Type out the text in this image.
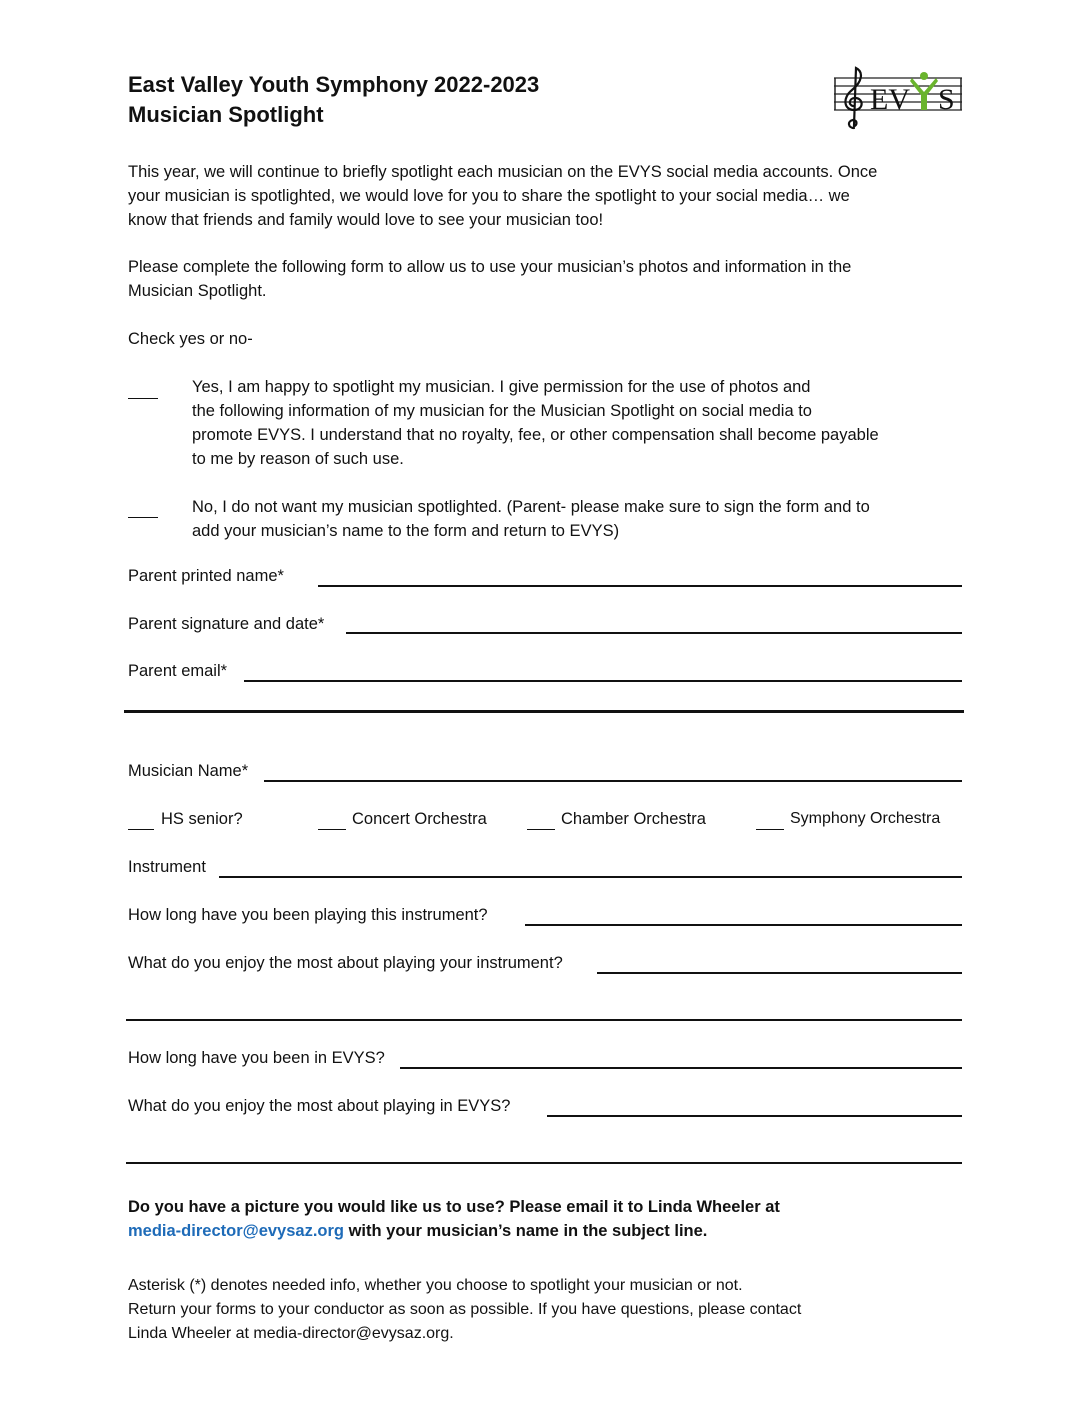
East Valley Youth Symphony 2022-2023
Musician Spotlight	EV S
This year, we will continue to briefly spotlight each musician on the EVYS social media accounts. Once
your musician is spotlighted, we would love for you to share the spotlight to your social media… we
know that friends and family would love to see your musician too!
Please complete the following form to allow us to use your musician’s photos and information in the
Musician Spotlight.
Check yes or no-
Yes, I am happy to spotlight my musician. I give permission for the use of photos and
the following information of my musician for the Musician Spotlight on social media to
promote EVYS. I understand that no royalty, fee, or other compensation shall become payable
to me by reason of such use.
No, I do not want my musician spotlighted. (Parent- please make sure to sign the form and to
add your musician’s name to the form and return to EVYS)
Parent printed name*
Parent signature and date*
Parent email*
Musician Name*
HS senior?	Concert Orchestra	Chamber Orchestra	Symphony Orchestra
Instrument
How long have you been playing this instrument?
What do you enjoy the most about playing your instrument?
How long have you been in EVYS?
What do you enjoy the most about playing in EVYS?
Do you have a picture you would like us to use? Please email it to Linda Wheeler at
media-director@evysaz.org with your musician’s name in the subject line.
Asterisk (*) denotes needed info, whether you choose to spotlight your musician or not.
Return your forms to your conductor as soon as possible. If you have questions, please contact
Linda Wheeler at media-director@evysaz.org.
